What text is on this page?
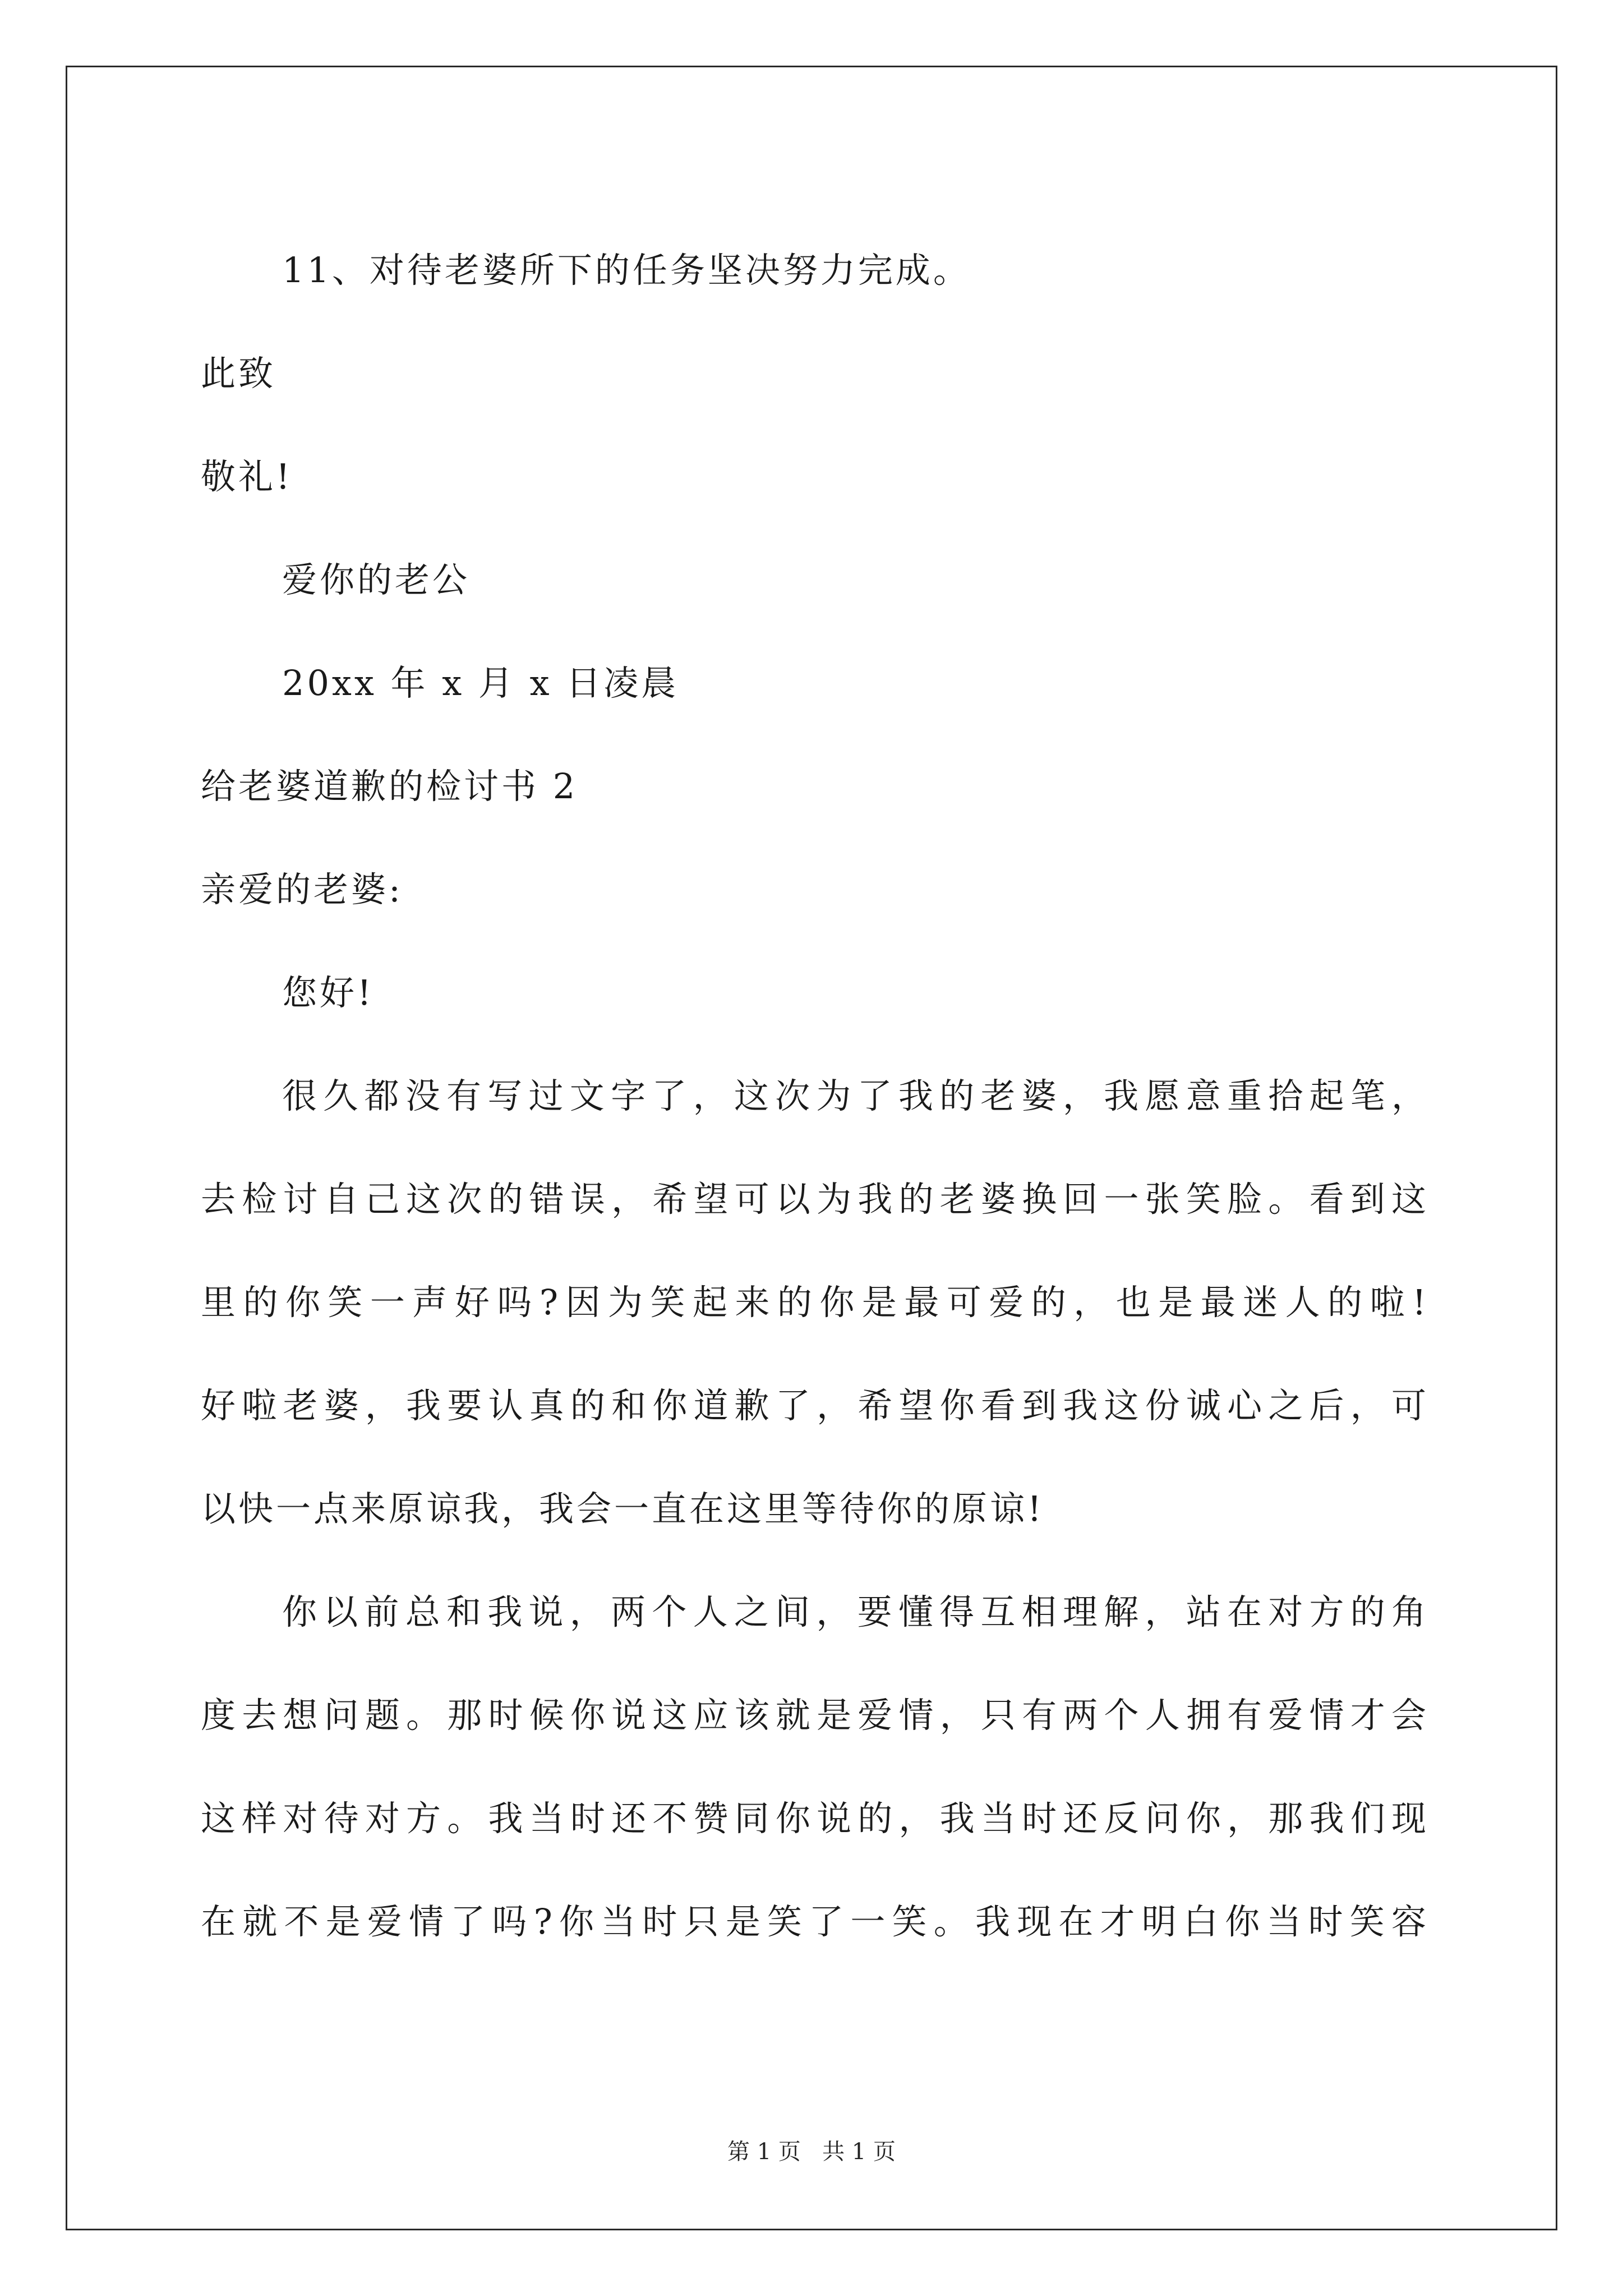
11、对待老婆所下的任务坚决努力完成。
此致
敬礼!
爱你的老公
20xx 年 x 月 x 日凌晨
给老婆道歉的检讨书 2
亲爱的老婆:
您好!
很久都没有写过文字了，这次为了我的老婆，我愿意重拾起笔，
去检讨自己这次的错误，希望可以为我的老婆换回一张笑脸。看到这
里的你笑一声好吗?因为笑起来的你是最可爱的，也是最迷人的啦!
好啦老婆，我要认真的和你道歉了，希望你看到我这份诚心之后，可
以快一点来原谅我，我会一直在这里等待你的原谅!
你以前总和我说，两个人之间，要懂得互相理解，站在对方的角
度去想问题。那时候你说这应该就是爱情，只有两个人拥有爱情才会
这样对待对方。我当时还不赞同你说的，我当时还反问你，那我们现
在就不是爱情了吗?你当时只是笑了一笑。我现在才明白你当时笑容
第 1 页   共 1 页
